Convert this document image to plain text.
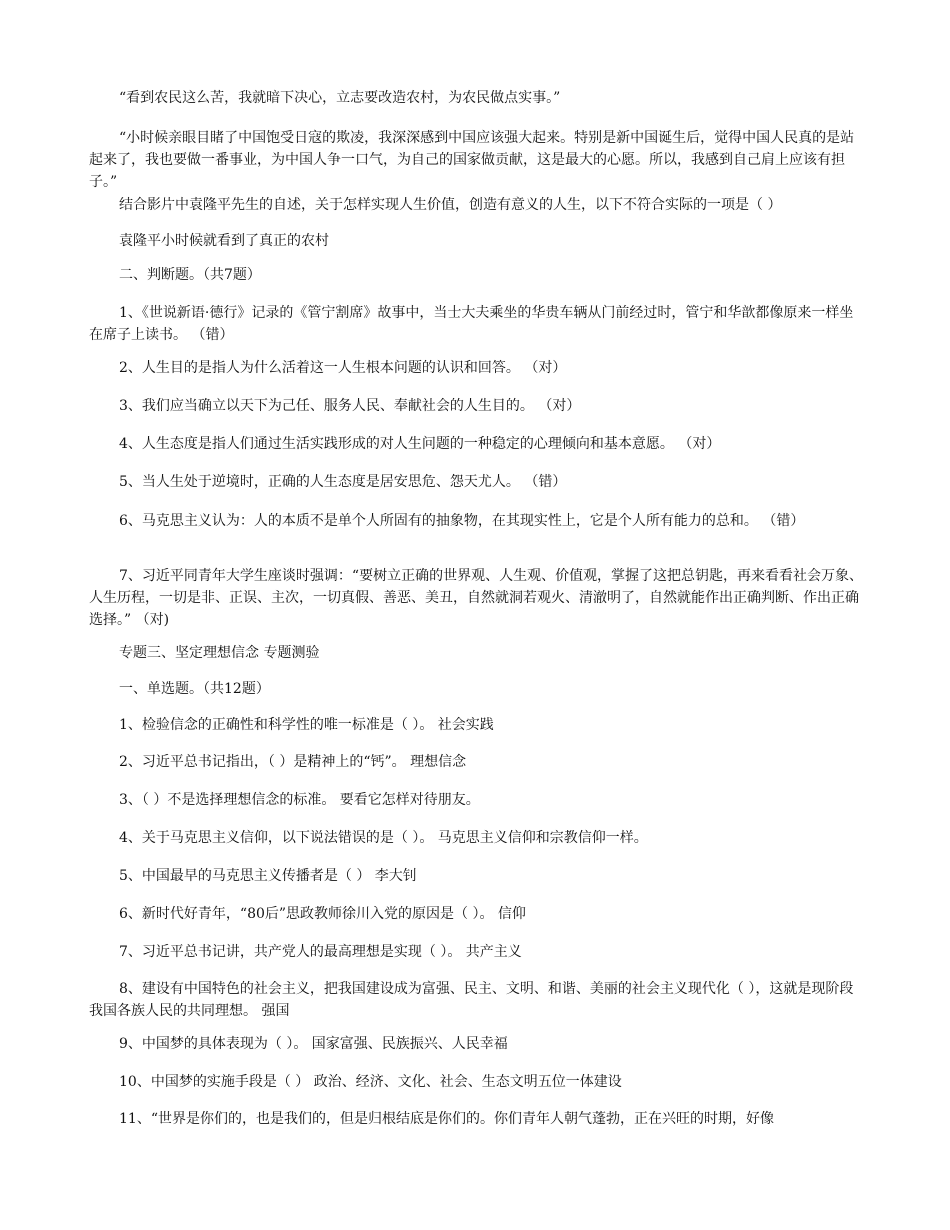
“看到农民这么苦，我就暗下决心，立志要改造农村，为农民做点实事。”

“小时候亲眼目睹了中国饱受日寇的欺凌，我深深感到中国应该强大起来。特别是新中国诞生后，觉得中国人民真的是站起来了，我也要做一番事业，为中国人争一口气，为自己的国家做贡献，这是最大的心愿。所以，我感到自己肩上应该有担子。”

结合影片中袁隆平先生的自述，关于怎样实现人生价值，创造有意义的人生，以下不符合实际的一项是（ ）

袁隆平小时候就看到了真正的农村

二、判断题。（共7题）

1、《世说新语·德行》记录的《管宁割席》故事中，当士大夫乘坐的华贵车辆从门前经过时，管宁和华歆都像原来一样坐在席子上读书。 （错）

2、人生目的是指人为什么活着这一人生根本问题的认识和回答。 （对）

3、我们应当确立以天下为己任、服务人民、奉献社会的人生目的。 （对）

4、人生态度是指人们通过生活实践形成的对人生问题的一种稳定的心理倾向和基本意愿。 （对）

5、当人生处于逆境时，正确的人生态度是居安思危、怨天尤人。 （错）

6、马克思主义认为：人的本质不是单个人所固有的抽象物，在其现实性上，它是个人所有能力的总和。 （错）

7、习近平同青年大学生座谈时强调：“要树立正确的世界观、人生观、价值观，掌握了这把总钥匙，再来看看社会万象、人生历程，一切是非、正误、主次，一切真假、善恶、美丑，自然就洞若观火、清澈明了，自然就能作出正确判断、作出正确选择。” （对)

专题三、坚定理想信念 专题测验

一、单选题。（共12题）

1、检验信念的正确性和科学性的唯一标准是（ ）。 社会实践

2、习近平总书记指出，（ ）是精神上的“钙”。 理想信念

3、（ ）不是选择理想信念的标准。 要看它怎样对待朋友。

4、关于马克思主义信仰，以下说法错误的是（ ）。 马克思主义信仰和宗教信仰一样。

5、中国最早的马克思主义传播者是（ ） 李大钊

6、新时代好青年，“80后”思政教师徐川入党的原因是（ ）。 信仰

7、习近平总书记讲，共产党人的最高理想是实现（ ）。 共产主义

8、建设有中国特色的社会主义，把我国建设成为富强、民主、文明、和谐、美丽的社会主义现代化（ ），这就是现阶段我国各族人民的共同理想。 强国

9、中国梦的具体表现为（ ）。 国家富强、民族振兴、人民幸福

10、中国梦的实施手段是（ ） 政治、经济、文化、社会、生态文明五位一体建设

11、“世界是你们的，也是我们的，但是归根结底是你们的。你们青年人朝气蓬勃，正在兴旺的时期，好像
